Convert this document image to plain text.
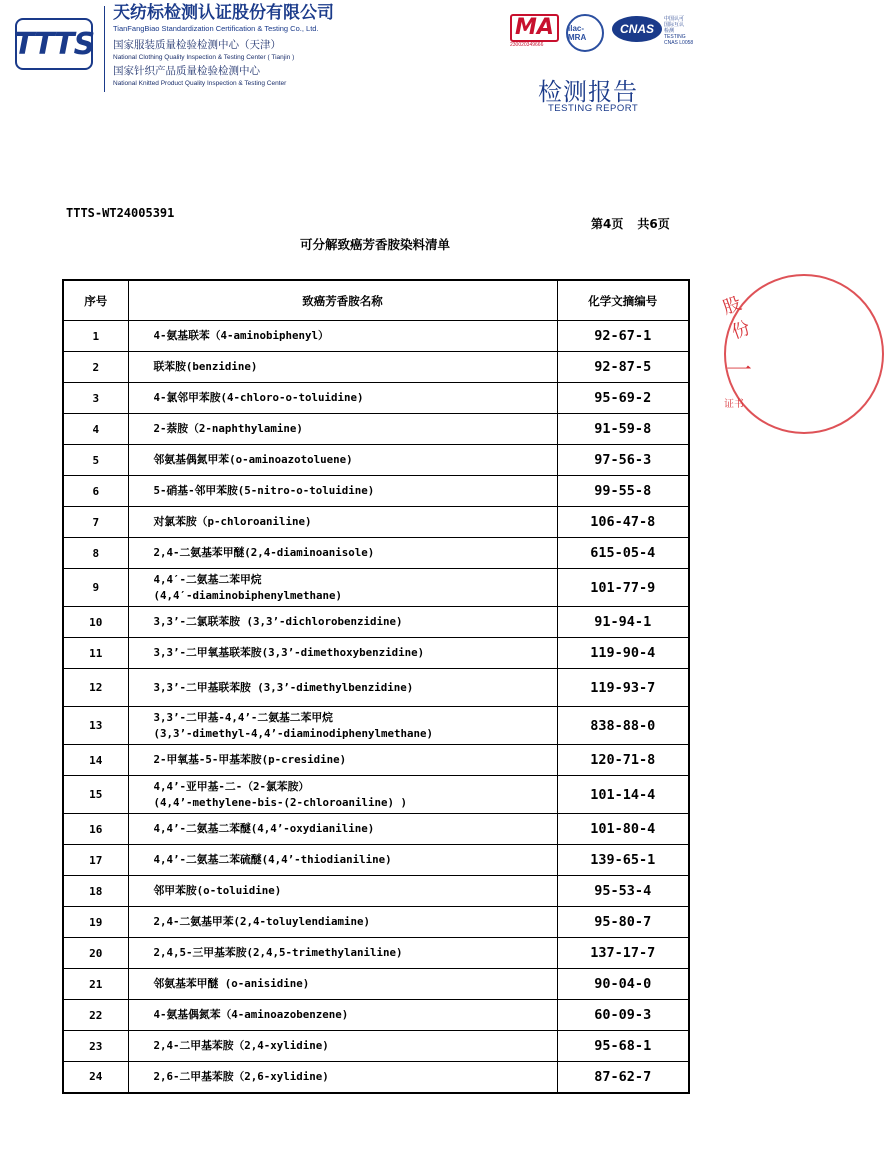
TTTS
天纺标检测认证股份有限公司
TianFangBiao Standardization Certification & Testing Co., Ltd.
国家服装质量检验检测中心（天津）
National Clothing Quality Inspection & Testing Center ( Tianjin )
国家针织产品质量检验检测中心
National Knitted Product Quality Inspection & Testing Center
MA
230020349666
ilac-MRA
CNAS
中国认可
国际互认
检测
TESTING
CNAS L0058
检测报告
TESTING REPORT
TTTS-WT24005391
第4页 共6页
可分解致癌芳香胺染料清单
序号	致癌芳香胺名称	化学文摘编号
1	4-氨基联苯（4-aminobiphenyl）	92-67-1
2	联苯胺(benzidine)	92-87-5
3	4-氯邻甲苯胺(4-chloro-o-toluidine)	95-69-2
4	2-萘胺（2-naphthylamine)	91-59-8
5	邻氨基偶氮甲苯(o-aminoazotoluene)	97-56-3
6	5-硝基-邻甲苯胺(5-nitro-o-toluidine)	99-55-8
7	对氯苯胺（p-chloroaniline)	106-47-8
8	2,4-二氨基苯甲醚(2,4-diaminoanisole)	615-05-4
9	4,4′-二氨基二苯甲烷
(4,4′-diaminobiphenylmethane)	101-77-9
10	3,3’-二氯联苯胺 (3,3’-dichlorobenzidine)	91-94-1
11	3,3’-二甲氧基联苯胺(3,3’-dimethoxybenzidine)	119-90-4
12	3,3’-二甲基联苯胺 (3,3’-dimethylbenzidine)	119-93-7
13	3,3’-二甲基-4,4’-二氨基二苯甲烷
(3,3’-dimethyl-4,4’-diaminodiphenylmethane)	838-88-0
14	2-甲氧基-5-甲基苯胺(p-cresidine)	120-71-8
15	4,4’-亚甲基-二-（2-氯苯胺）
(4,4’-methylene-bis-(2-chloroaniline) )	101-14-4
16	4,4’-二氨基二苯醚(4,4’-oxydianiline)	101-80-4
17	4,4’-二氨基二苯硫醚(4,4’-thiodianiline)	139-65-1
18	邻甲苯胺(o-toluidine)	95-53-4
19	2,4-二氨基甲苯(2,4-toluylendiamine)	95-80-7
20	2,4,5-三甲基苯胺(2,4,5-trimethylaniline)	137-17-7
21	邻氨基苯甲醚 (o-anisidine)	90-04-0
22	4-氨基偶氮苯（4-aminoazobenzene)	60-09-3
23	2,4-二甲基苯胺（2,4-xylidine)	95-68-1
24	2,6-二甲基苯胺（2,6-xylidine)	87-62-7
股份
一
证书
